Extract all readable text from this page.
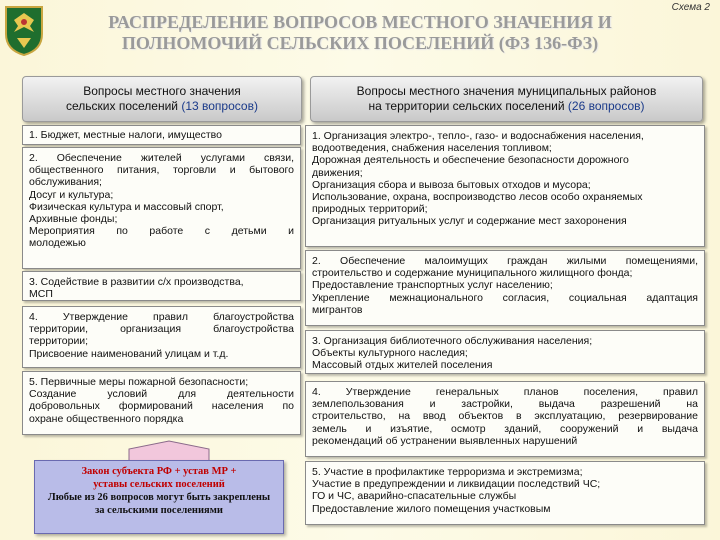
Схема 2
РАСПРЕДЕЛЕНИЕ ВОПРОСОВ МЕСТНОГО ЗНАЧЕНИЯ И
ПОЛНОМОЧИЙ СЕЛЬСКИХ ПОСЕЛЕНИЙ (ФЗ 136-ФЗ)
Вопросы местного значения
сельских поселений (13 вопросов)
Вопросы местного значения муниципальных районов
на территории сельских поселений (26 вопросов)
1. Бюджет, местные налоги, имущество
2. Обеспечение жителей услугами связи,
общественного питания, торговли и бытового
обслуживания;
Досуг и культура;
Физическая культура и массовый спорт,
Архивные фонды;
Мероприятия по работе с детьми и
молодежью
3. Содействие в развитии с/х производства,
МСП
4. Утверждение правил благоустройства
территории, организация благоустройства
территории;
Присвоение наименований улицам и т.д.
5. Первичные меры пожарной безопасности;
Создание условий для деятельности
добровольных формирований населения по
охране общественного порядка
Закон субъекта РФ + устав МР +
уставы сельских поселений
Любые из 26 вопросов могут быть закреплены
за сельскими поселениями
1. Организация электро-, тепло-, газо- и водоснабжения населения,
водоотведения, снабжения населения топливом;
Дорожная деятельность и обеспечение безопасности дорожного
движения;
Организация сбора и вывоза бытовых отходов и мусора;
Использование, охрана, воспроизводство лесов особо охраняемых
природных территорий;
Организация ритуальных услуг и содержание мест захоронения
2. Обеспечение малоимущих граждан жилыми помещениями,
строительство и содержание муниципального жилищного фонда;
Предоставление транспортных услуг населению;
Укрепление межнационального согласия, социальная адаптация
мигрантов
3. Организация библиотечного обслуживания населения;
Объекты культурного наследия;
Массовый отдых жителей поселения
4. Утверждение генеральных планов поселения, правил
землепользования и застройки, выдача разрешений на
строительство, на ввод объектов в эксплуатацию, резервирование
земель и изъятие, осмотр зданий, сооружений и выдача
рекомендаций об устранении выявленных нарушений
5. Участие в профилактике терроризма и экстремизма;
Участие в предупреждении и ликвидации последствий ЧС;
ГО и ЧС, аварийно-спасательные службы
Предоставление жилого помещения участковым
